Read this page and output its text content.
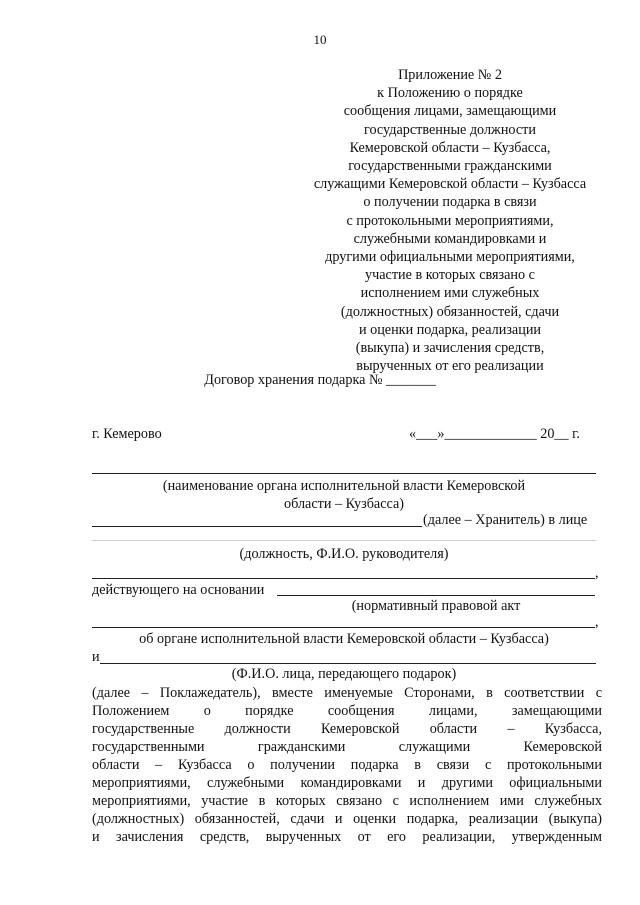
10
Приложение № 2
к Положению о порядке
сообщения лицами, замещающими
государственные должности
Кемеровской области – Кузбасса,
государственными гражданскими
служащими Кемеровской области – Кузбасса
о получении подарка в связи
с протокольными мероприятиями,
служебными командировками и
другими официальными мероприятиями,
участие в которых связано с
исполнением ими служебных
(должностных) обязанностей, сдачи
и оценки подарка, реализации
(выкупа) и зачисления средств,
вырученных от его реализации
Договор хранения подарка № _______
г. Кемерово	«___»_____________ 20__ г.
(наименование органа исполнительной власти Кемеровской
области – Кузбасса)
(далее – Хранитель) в лице
(должность, Ф.И.О. руководителя)
,
действующего на основании
(нормативный правовой акт
,
об органе исполнительной власти Кемеровской области – Кузбасса)
и
(Ф.И.О. лица, передающего подарок)
(далее – Поклажедатель), вместе именуемые Сторонами, в соответствии с
Положением о порядке сообщения лицами, замещающими
государственные должности Кемеровской области – Кузбасса,
государственными гражданскими служащими Кемеровской
области – Кузбасса о получении подарка в связи с протокольными
мероприятиями, служебными командировками и другими официальными
мероприятиями, участие в которых связано с исполнением ими служебных
(должностных) обязанностей, сдачи и оценки подарка, реализации (выкупа)
и зачисления средств, вырученных от его реализации, утвержденным
